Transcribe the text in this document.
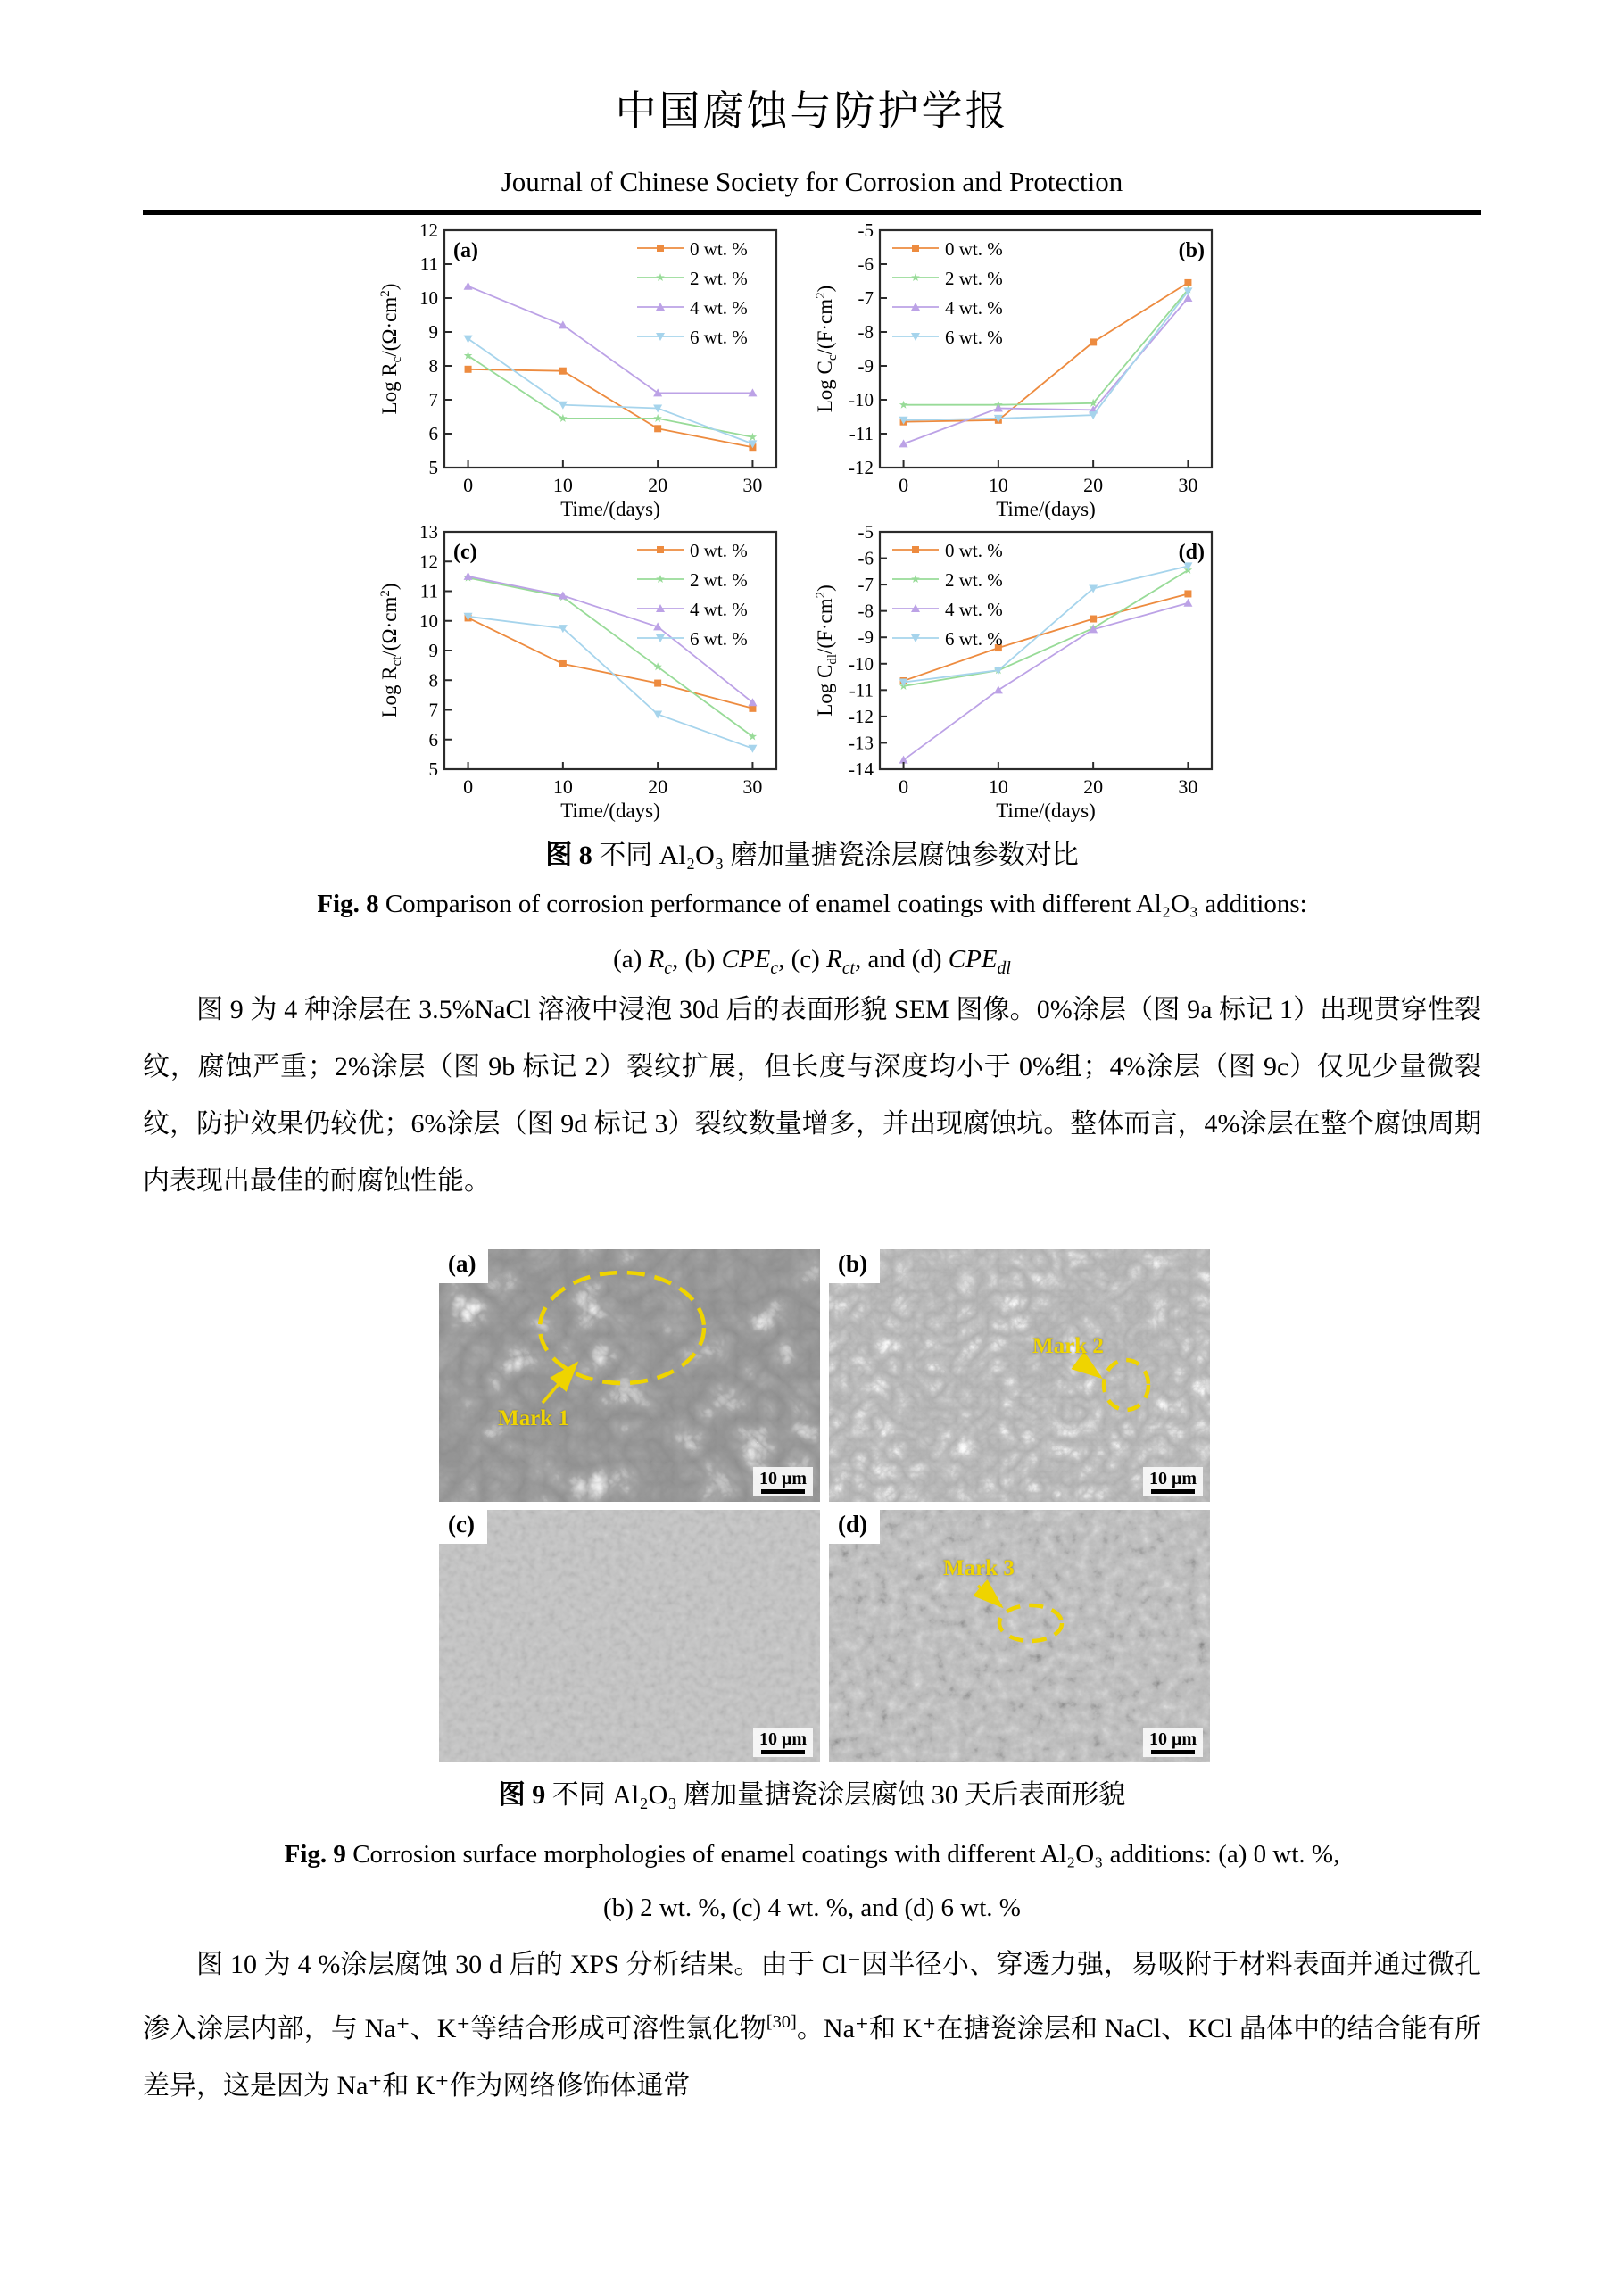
中国腐蚀与防护学报
Journal of Chinese Society for Corrosion and Protection
5
6
7
8
9
10
11
12
0	10	20	30
Time/(days)
Log $R_c/(\Omega\cdot cm^2)$
(a)	0 wt. %
2 wt. %
4 wt. %
6 wt. %
-12
-11
-10
-9
-8
-7
-6
-5
0	10	20	30
Time/(days)
Log $C_c/(F\cdot cm^2)$
(b)
0 wt. %
2 wt. %
4 wt. %
6 wt. %
5
6
7
8
9
10
11
12
13
0	10	20	30
Time/(days)
Log $R_{ct}/(\Omega\cdot cm^2)$
(c)	0 wt. %
2 wt. %
4 wt. %
6 wt. %
-14
-13
-12
-11
-10
-9
-8
-7
-6
-5
0	10	20	30
Time/(days)
Log $C_{dl}/(F\cdot cm^2)$
(d)
0 wt. %
2 wt. %
4 wt. %
6 wt. %
图 8 不同 Al₂O₃ 磨加量搪瓷涂层腐蚀参数对比
Fig. 8 Comparison of corrosion performance of enamel coatings with different Al₂O₃ additions:
(a) $R_c$, (b) $CPE_c$, (c) $R_{ct}$, and (d) $CPE_{dl}$
图 9 为 4 种涂层在 3.5%NaCl 溶液中浸泡 30d 后的表面形貌 SEM 图像。0%涂层（图 9a 标记 1）出现贯穿性裂纹，腐蚀严重；2%涂层（图 9b 标记 2）裂纹扩展，但长度与深度均小于 0%组；4%涂层（图 9c）仅见少量微裂纹，防护效果仍较优；6%涂层（图 9d 标记 3）裂纹数量增多，并出现腐蚀坑。整体而言，4%涂层在整个腐蚀周期内表现出最佳的耐腐蚀性能。
(a)
Mark 1
10 μm
(b)
Mark 2
10 μm
(c)
10 μm
(d)
Mark 3
10 μm
图 9 不同 Al₂O₃ 磨加量搪瓷涂层腐蚀 30 天后表面形貌
Fig. 9 Corrosion surface morphologies of enamel coatings with different Al₂O₃ additions: (a) 0 wt. %, (b) 2 wt. %, (c) 4 wt. %, and (d) 6 wt. %
图 10 为 4 %涂层腐蚀 30 d 后的 XPS 分析结果。由于 Cl⁻因半径小、穿透力强，易吸附于材料表面并通过微孔渗入涂层内部，与 Na⁺、K⁺等结合形成可溶性氯化物[30]。Na⁺和 K⁺在搪瓷涂层和 NaCl、KCl 晶体中的结合能有所差异，这是因为 Na⁺和 K⁺作为网络修饰体通常
